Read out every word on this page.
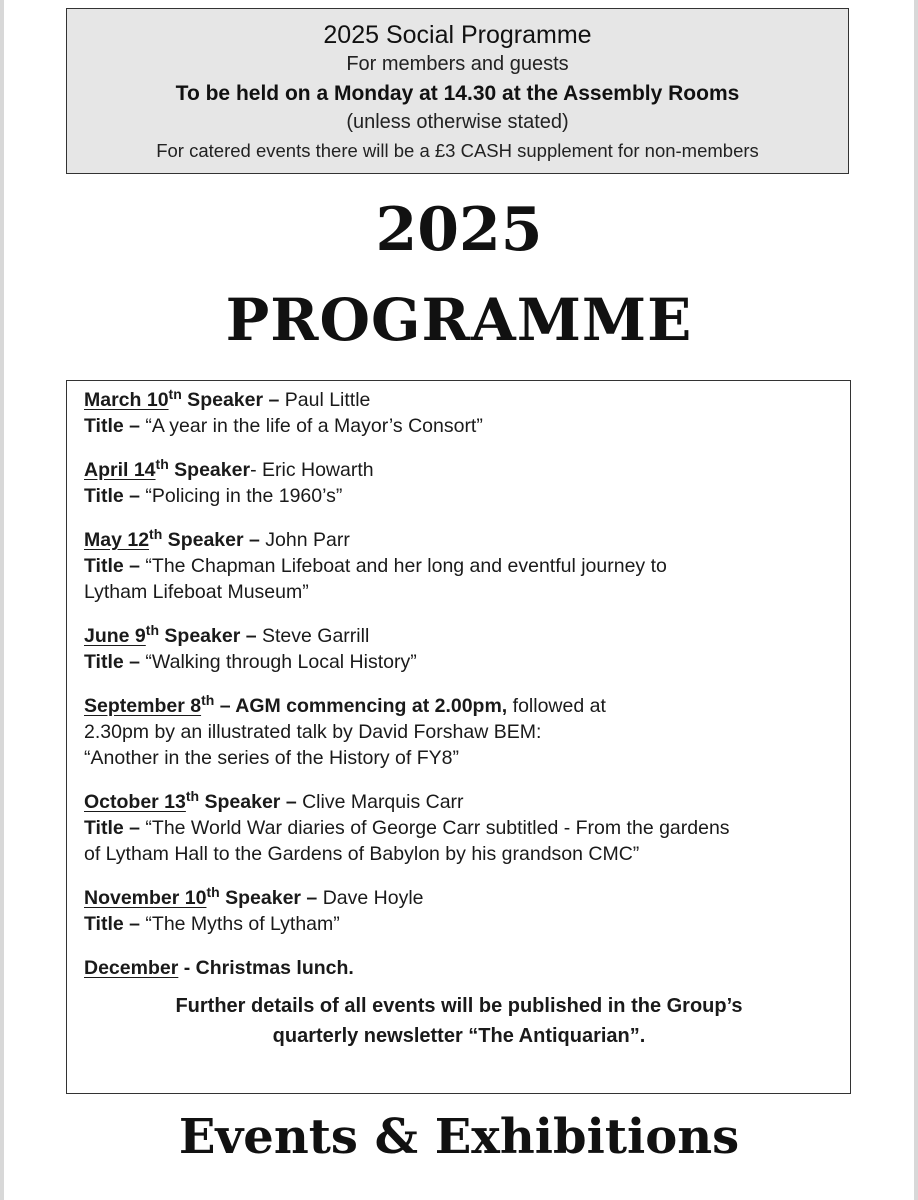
2025 Social Programme
For members and guests
To be held on a Monday at 14.30 at the Assembly Rooms
(unless otherwise stated)
For catered events there will be a £3 CASH supplement for non-members
2025
PROGRAMME
March $10^{tn}$ Speaker – Paul Little
Title – “A year in the life of a Mayor’s Consort”
April 14th Speaker- Eric Howarth
Title – “Policing in the 1960’s”
May 12th Speaker – John Parr
Title – “The Chapman Lifeboat and her long and eventful journey to
Lytham Lifeboat Museum”
June 9th Speaker – Steve Garrill
Title – “Walking through Local History”
September 8th – AGM commencing at 2.00pm, followed at
2.30pm by an illustrated talk by David Forshaw BEM:
“Another in the series of the History of FY8”
October 13th Speaker – Clive Marquis Carr
Title – “The World War diaries of George Carr subtitled - From the gardens
of Lytham Hall to the Gardens of Babylon by his grandson CMC”
November 10th Speaker – Dave Hoyle
Title – “The Myths of Lytham”
December - Christmas lunch.
Further details of all events will be published in the Group’s
quarterly newsletter “The Antiquarian”.
Events & Exhibitions
